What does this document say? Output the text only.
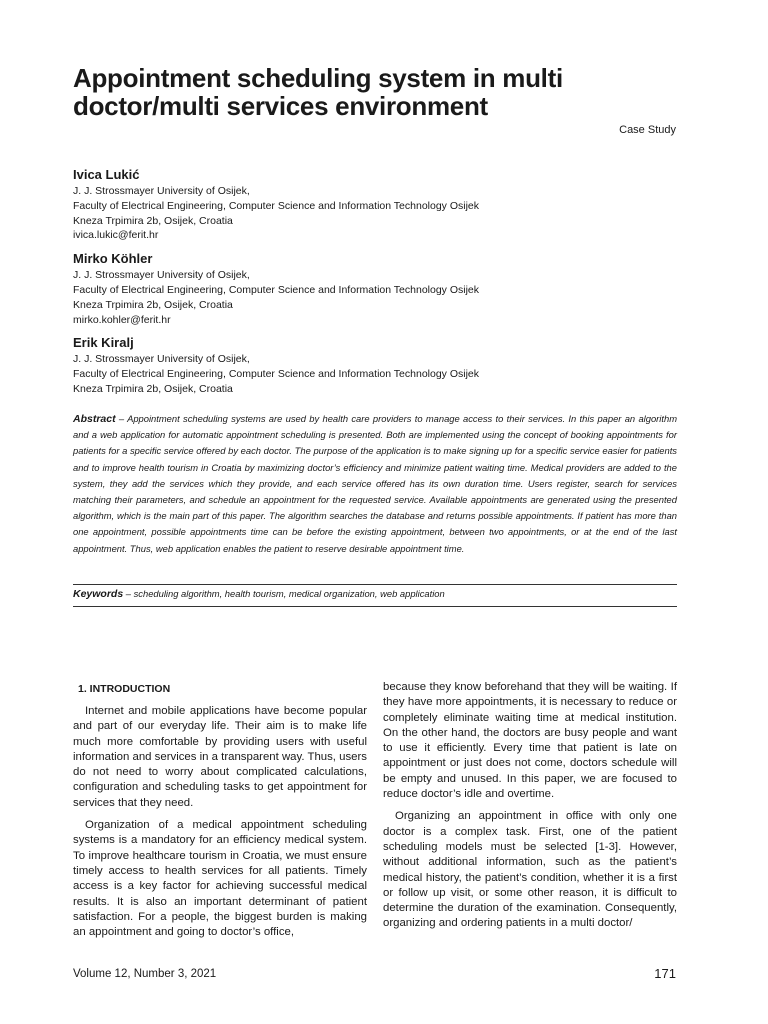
Appointment scheduling system in multi
doctor/multi services environment
Case Study
Ivica Lukić
J. J. Strossmayer University of Osijek,
Faculty of Electrical Engineering, Computer Science and Information Technology Osijek
Kneza Trpimira 2b, Osijek, Croatia
ivica.lukic@ferit.hr
Mirko Köhler
J. J. Strossmayer University of Osijek,
Faculty of Electrical Engineering, Computer Science and Information Technology Osijek
Kneza Trpimira 2b, Osijek, Croatia
mirko.kohler@ferit.hr
Erik Kiralj
J. J. Strossmayer University of Osijek,
Faculty of Electrical Engineering, Computer Science and Information Technology Osijek
Kneza Trpimira 2b, Osijek, Croatia
Abstract – Appointment scheduling systems are used by health care providers to manage access to their services. In this paper an algorithm and a web application for automatic appointment scheduling is presented. Both are implemented using the concept of booking appointments for patients for a specific service offered by each doctor. The purpose of the application is to make signing up for a specific service easier for patients and to improve health tourism in Croatia by maximizing doctor’s efficiency and minimize patient waiting time. Medical providers are added to the system, they add the services which they provide, and each service offered has its own duration time. Users register, search for services matching their parameters, and schedule an appointment for the requested service. Available appointments are generated using the presented algorithm, which is the main part of this paper. The algorithm searches the database and returns possible appointments. If patient has more than one appointment, possible appointments time can be before the existing appointment, between two appointments, or at the end of the last appointment. Thus, web application enables the patient to reserve desirable appointment time.
Keywords – scheduling algorithm, health tourism, medical organization, web application
1. INTRODUCTION

Internet and mobile applications have become popular and part of our everyday life. Their aim is to make life much more comfortable by providing users with useful information and services in a transparent way. Thus, users do not need to worry about complicated calculations, configuration and scheduling tasks to get appointment for services that they need.

Organization of a medical appointment scheduling systems is a mandatory for an efficiency medical system. To improve healthcare tourism in Croatia, we must ensure timely access to health services for all patients. Timely access is a key factor for achieving successful medical results. It is also an important determinant of patient satisfaction. For a people, the biggest burden is making an appointment and going to doctor’s office,

because they know beforehand that they will be waiting. If they have more appointments, it is necessary to reduce or completely eliminate waiting time at medical institution. On the other hand, the doctors are busy people and want to use it efficiently. Every time that patient is late on appointment or just does not come, doctors schedule will be empty and unused. In this paper, we are focused to reduce doctor’s idle and overtime.

Organizing an appointment in office with only one doctor is a complex task. First, one of the patient scheduling models must be selected [1-3]. However, without additional information, such as the patient’s medical history, the patient’s condition, whether it is a first or follow up visit, or some other reason, it is difficult to determine the duration of the examination. Consequently, organizing and ordering patients in a multi doctor/

Volume 12, Number 3, 2021	171
